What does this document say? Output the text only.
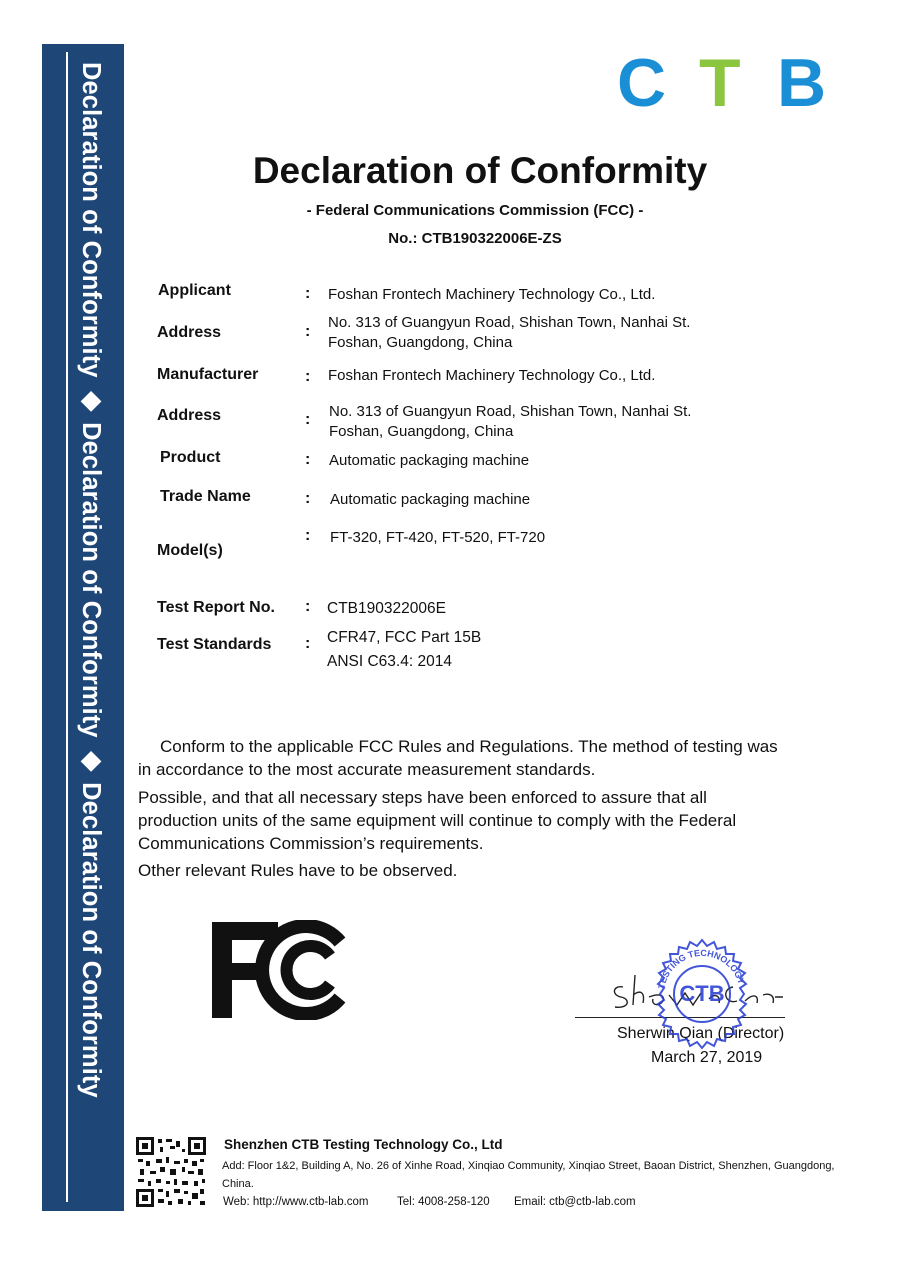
Declaration of Conformity ◆ Declaration of Conformity ◆ Declaration of Conformity	C T B
Declaration of Conformity
- Federal Communications Commission (FCC) -
No.: CTB190322006E-ZS
Applicant	: Foshan Frontech Machinery Technology Co., Ltd.
Address	:
No. 313 of Guangyun Road, Shishan Town, Nanhai St.
Foshan, Guangdong, China
Manufacturer	: Foshan Frontech Machinery Technology Co., Ltd.
Address	: No. 313 of Guangyun Road, Shishan Town, Nanhai St.
Foshan, Guangdong, China
Product	: Automatic packaging machine
Trade Name	: Automatic packaging machine
Model(s)
: FT-320, FT-420, FT-520, FT-720
Test Report No. : CTB190322006E
Test Standards : CFR47, FCC Part 15B
ANSI C63.4: 2014
Conform to the applicable FCC Rules and Regulations. The method of testing was
in accordance to the most accurate measurement standards.
Possible, and that all necessary steps have been enforced to assure that all
production units of the same equipment will continue to comply with the Federal
Communications Commission’s requirements.
Other relevant Rules have to be observed.
Sherwin Qian (Director)
March 27, 2019
TESTING TECHNOLOGY
CTB
Shenzhen CTB Testing Technology Co., Ltd
Add: Floor 1&2, Building A, No. 26 of Xinhe Road, Xinqiao Community, Xinqiao Street, Baoan District, Shenzhen, Guangdong, China.
Web: http://www.ctb-lab.com Tel: 4008-258-120 Email: ctb@ctb-lab.com
